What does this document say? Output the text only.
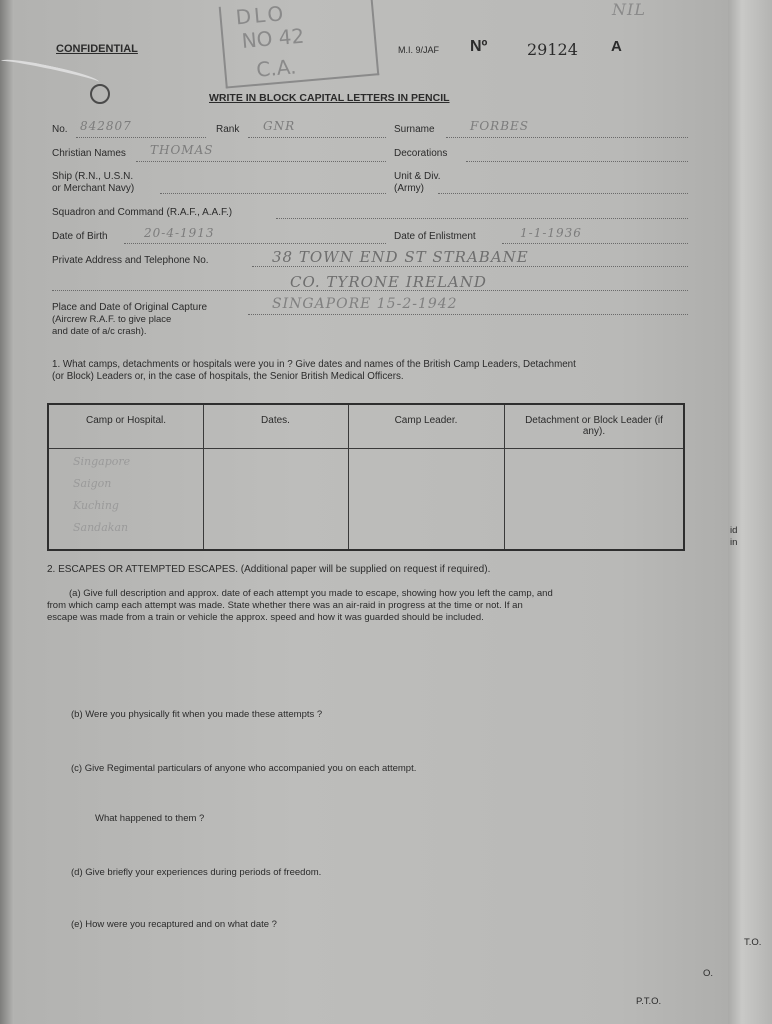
DLO
NO 42
C.A.
CONFIDENTIAL	M.I. 9/JAF Nº 29124 A
NIL
WRITE IN BLOCK CAPITAL LETTERS IN PENCIL
No. 842807	Rank GNR	Surname	FORBES
Christian Names THOMAS	Decorations
Ship (R.N., U.S.N.
or Merchant Navy)
Unit & Div.
(Army)
Squadron and Command (R.A.F., A.A.F.)
Date of Birth	20-4-1913	Date of Enlistment	1-1-1936
Private Address and Telephone No.	38 TOWN END ST STRABANE
CO. TYRONE IRELAND
Place and Date of Original Capture
(Aircrew R.A.F. to give place
and date of a/c crash).
SINGAPORE 15-2-1942
1. What camps, detachments or hospitals were you in ? Give dates and names of the British Camp Leaders, Detachment
(or Block) Leaders or, in the case of hospitals, the Senior British Medical Officers.
Camp or Hospital.	Dates.	Camp Leader.	Detachment or Block Leader (if any).
Singapore
Saigon
Kuching
Sandakan
2. ESCAPES OR ATTEMPTED ESCAPES. (Additional paper will be supplied on request if required).
(a) Give full description and approx. date of each attempt you made to escape, showing how you left the camp, and
from which camp each attempt was made. State whether there was an air-raid in progress at the time or not. If an
escape was made from a train or vehicle the approx. speed and how it was guarded should be included.
(b) Were you physically fit when you made these attempts ?
(c) Give Regimental particulars of anyone who accompanied you on each attempt.
What happened to them ?
(d) Give briefly your experiences during periods of freedom.
(e) How were you recaptured and on what date ?
P.T.O.
id
in
T.O.
O.
